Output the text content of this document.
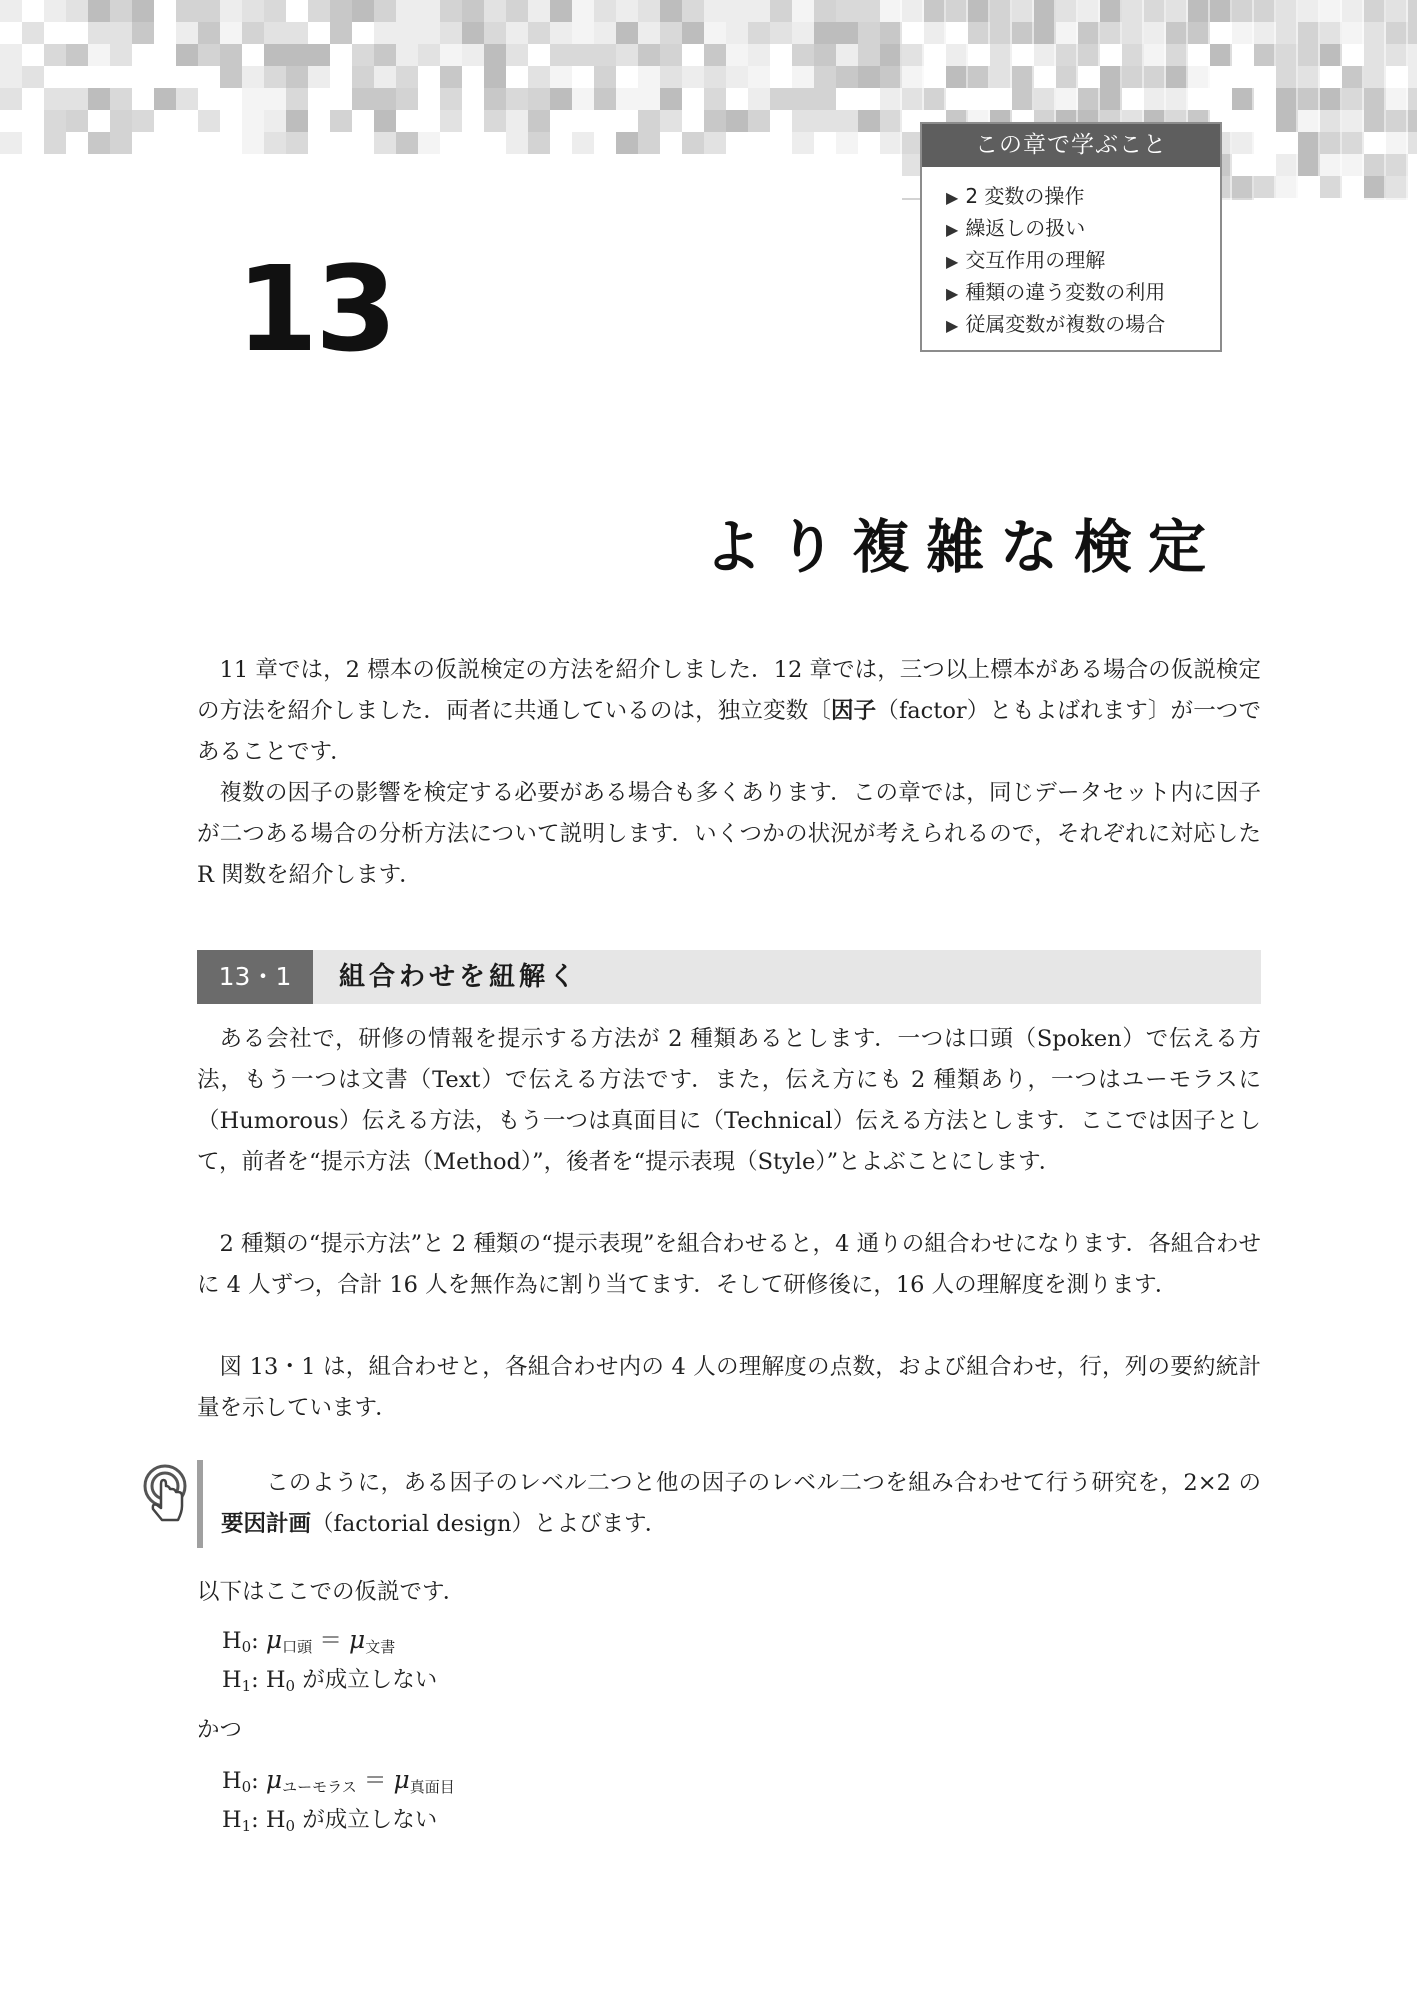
この章で学ぶこと
▶ 2 変数の操作
▶ 繰返しの扱い
▶ 交互作用の理解
▶ 種類の違う変数の利用
▶ 従属変数が複数の場合
13
より複雑な検定

11 章では，2 標本の仮説検定の方法を紹介しました．12 章では，三つ以上標本がある場合の仮説検定の方法を紹介しました．両者に共通しているのは，独立変数〔因子（factor）ともよばれます〕が一つであることです．

複数の因子の影響を検定する必要がある場合も多くあります．この章では，同じデータセット内に因子が二つある場合の分析方法について説明します．いくつかの状況が考えられるので，それぞれに対応した R 関数を紹介します．

13・1	組合わせを紐解く

ある会社で，研修の情報を提示する方法が 2 種類あるとします．一つは口頭（Spoken）で伝える方法，もう一つは文書（Text）で伝える方法です．また，伝え方にも 2 種類あり，一つはユーモラスに（Humorous）伝える方法，もう一つは真面目に（Technical）伝える方法とします．ここでは因子として，前者を“提示方法（Method）”，後者を“提示表現（Style）”とよぶことにします．

2 種類の“提示方法”と 2 種類の“提示表現”を組合わせると，4 通りの組合わせになります．各組合わせに 4 人ずつ，合計 16 人を無作為に割り当てます．そして研修後に，16 人の理解度を測ります．

図 13・1 は，組合わせと，各組合わせ内の 4 人の理解度の点数，および組合わせ，行，列の要約統計量を示しています．

このように，ある因子のレベル二つと他の因子のレベル二つを組み合わせて行う研究を，2×2 の要因計画（factorial design）とよびます．

以下はここでの仮説です．
$H_0$: $\mu_{口頭} = \mu_{文書}$
$H_1$: $H_0$ が成立しない
かつ
$H_0$: $\mu_{ユーモラス} = \mu_{真面目}$
$H_1$: $H_0$ が成立しない
